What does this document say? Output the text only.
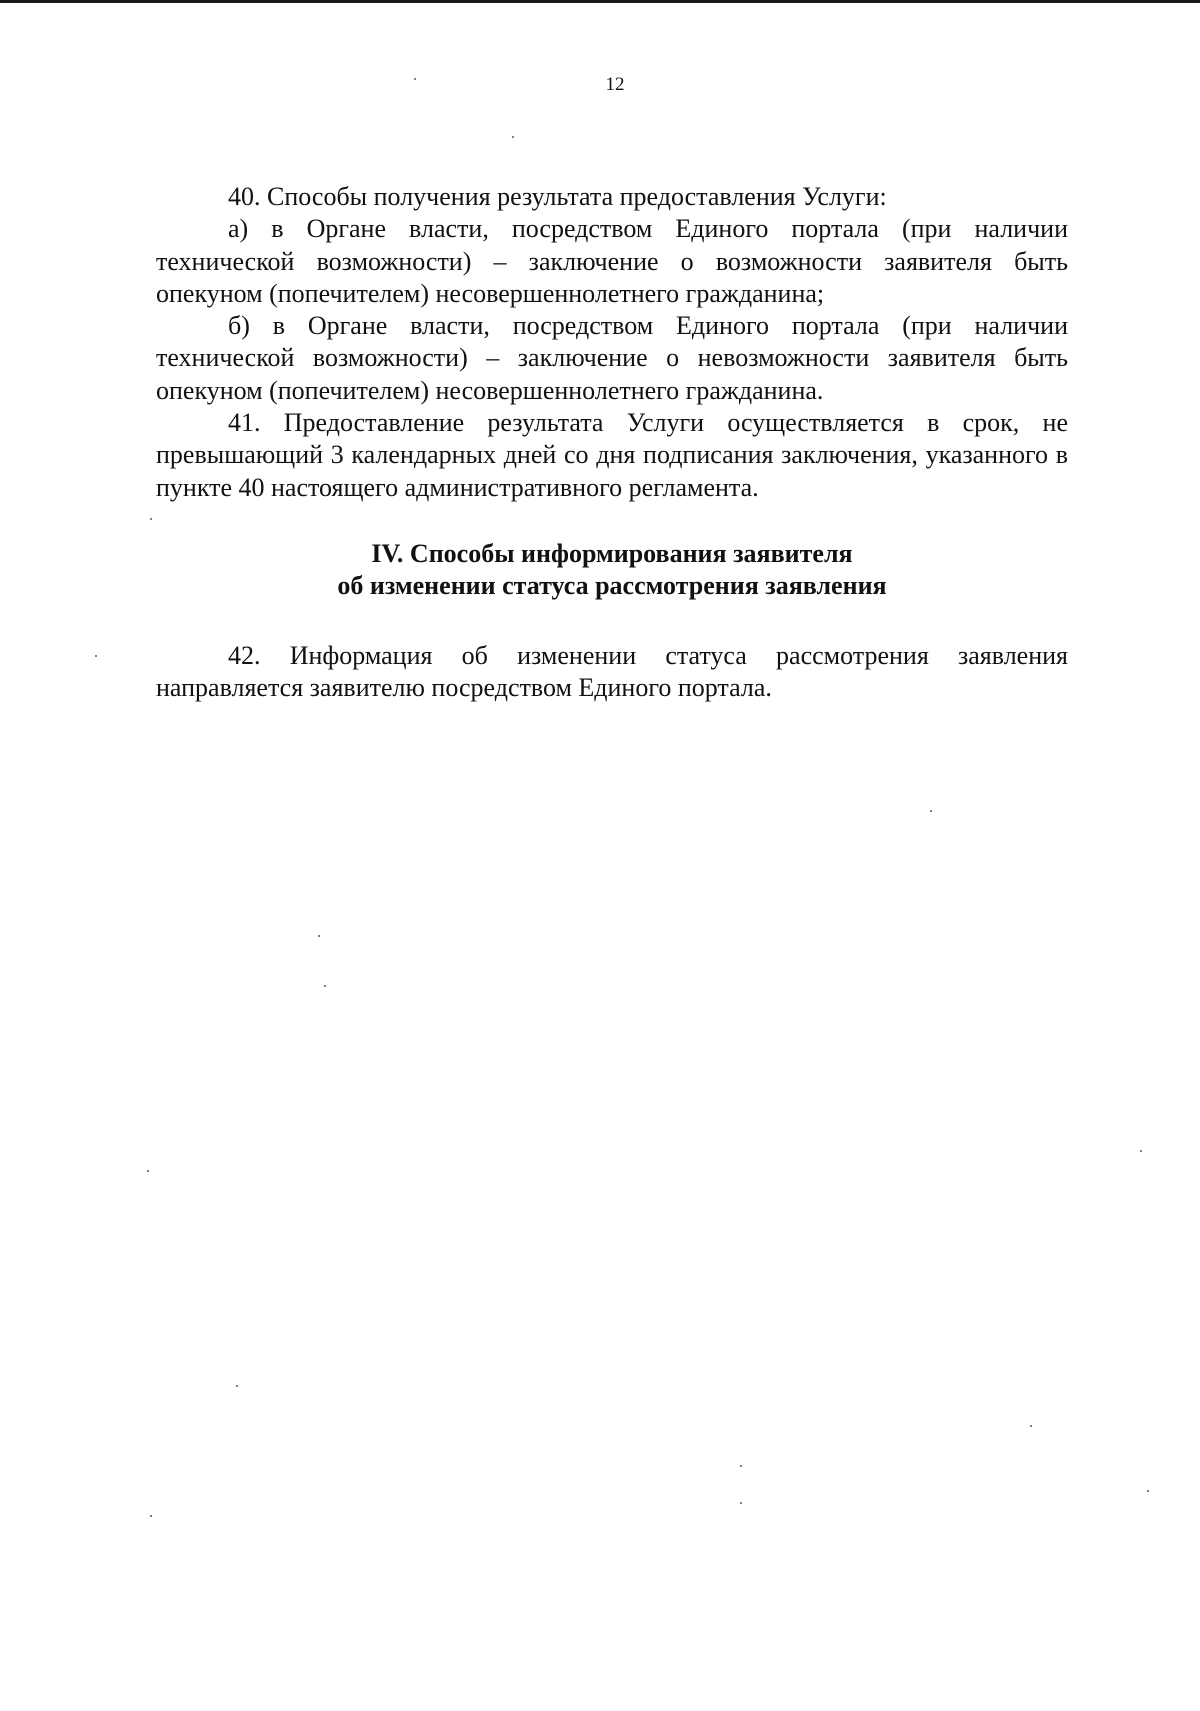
12

40. Способы получения результата предоставления Услуги:

а) в Органе власти, посредством Единого портала (при наличии технической возможности) – заключение о возможности заявителя быть опекуном (попечителем) несовершеннолетнего гражданина;

б) в Органе власти, посредством Единого портала (при наличии технической возможности) – заключение о невозможности заявителя быть опекуном (попечителем) несовершеннолетнего гражданина.

41. Предоставление результата Услуги осуществляется в срок, не превышающий 3 календарных дней со дня подписания заключения, указанного в пункте 40 настоящего административного регламента.

IV. Способы информирования заявителя
об изменении статуса рассмотрения заявления

42. Информация об изменении статуса рассмотрения заявления направляется заявителю посредством Единого портала.
